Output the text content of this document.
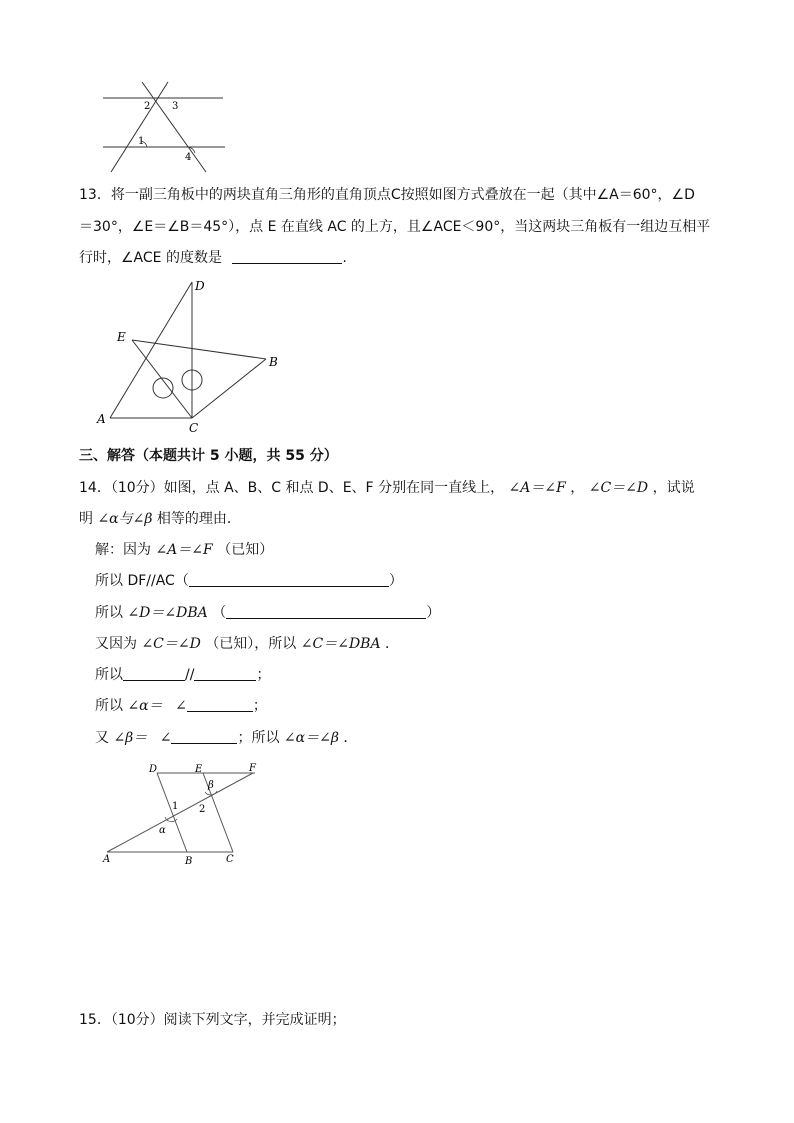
2 3
1
4
13．将一副三角板中的两块直角三角形的直角顶点C按照如图方式叠放在一起（其中∠A＝60°，∠D
＝30°，∠E＝∠B＝45°），点 E 在直线 AC 的上方，且∠ACE＜90°，当这两块三角板有一组边互相平
行时，∠ACE 的度数是	.
D
E
B
A
C
三、解答（本题共计 5 小题，共 55 分）
14．（10分）如图，点 A、B、C 和点 D、E、F 分别在同一直线上， ∠A＝∠F ， ∠C＝∠D ，试说
明 ∠α与∠β 相等的理由．
解：因为 ∠A＝∠F （已知）
所以 DF//AC（	）
所以 ∠D＝∠DBA （	）
又因为 ∠C＝∠D （已知），所以 ∠C＝∠DBA ．
所以	//	；
所以 ∠α＝ ∠	；
又 ∠β＝ ∠	；所以 ∠α＝∠β ．
D	E	F
A	B	C
1 2
α
β
15．（10分）阅读下列文字，并完成证明；
